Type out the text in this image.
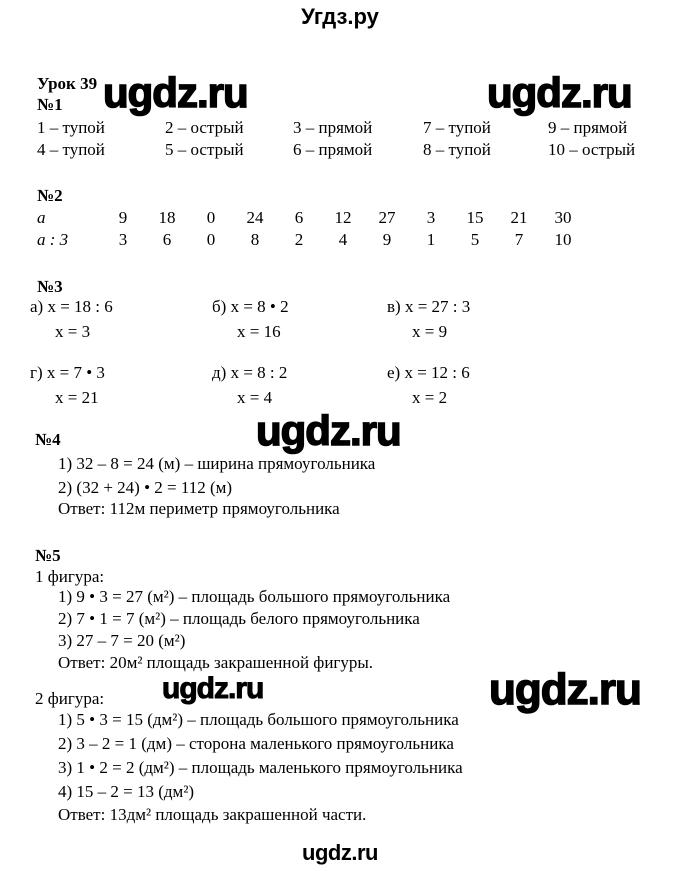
Угдз.ру
ugdz.ru	ugdz.ru
ugdz.ru
ugdz.ru	ugdz.ru
Урок 39
№1
1 – тупой	2 – острый	3 – прямой	7 – тупой	9 – прямой
4 – тупой	5 – острый	6 – прямой	8 – тупой	10 – острый
№2
a	9	18	0	24	6	12	27	3	15	21	30
a : 3	3	6	0	8	2	4	9	1	5	7	10
№3
а) x = 18 : 6
x = 3
б) x = 8 • 2
x = 16
в) x = 27 : 3
x = 9
г) x = 7 • 3
x = 21
д) x = 8 : 2
x = 4
е) x = 12 : 6
x = 2
№4
1) 32 – 8 = 24 (м) – ширина прямоугольника
2) (32 + 24) • 2 = 112 (м)
Ответ: 112м периметр прямоугольника
№5
1 фигура:
1) 9 • 3 = 27 (м²) – площадь большого прямоугольника
2) 7 • 1 = 7 (м²) – площадь белого прямоугольника
3) 27 – 7 = 20 (м²)
Ответ: 20м² площадь закрашенной фигуры.
2 фигура:
1) 5 • 3 = 15 (дм²) – площадь большого прямоугольника
2) 3 – 2 = 1 (дм) – сторона маленького прямоугольника
3) 1 • 2 = 2 (дм²) – площадь маленького прямоугольника
4) 15 – 2 = 13 (дм²)
Ответ: 13дм² площадь закрашенной части.
ugdz.ru
